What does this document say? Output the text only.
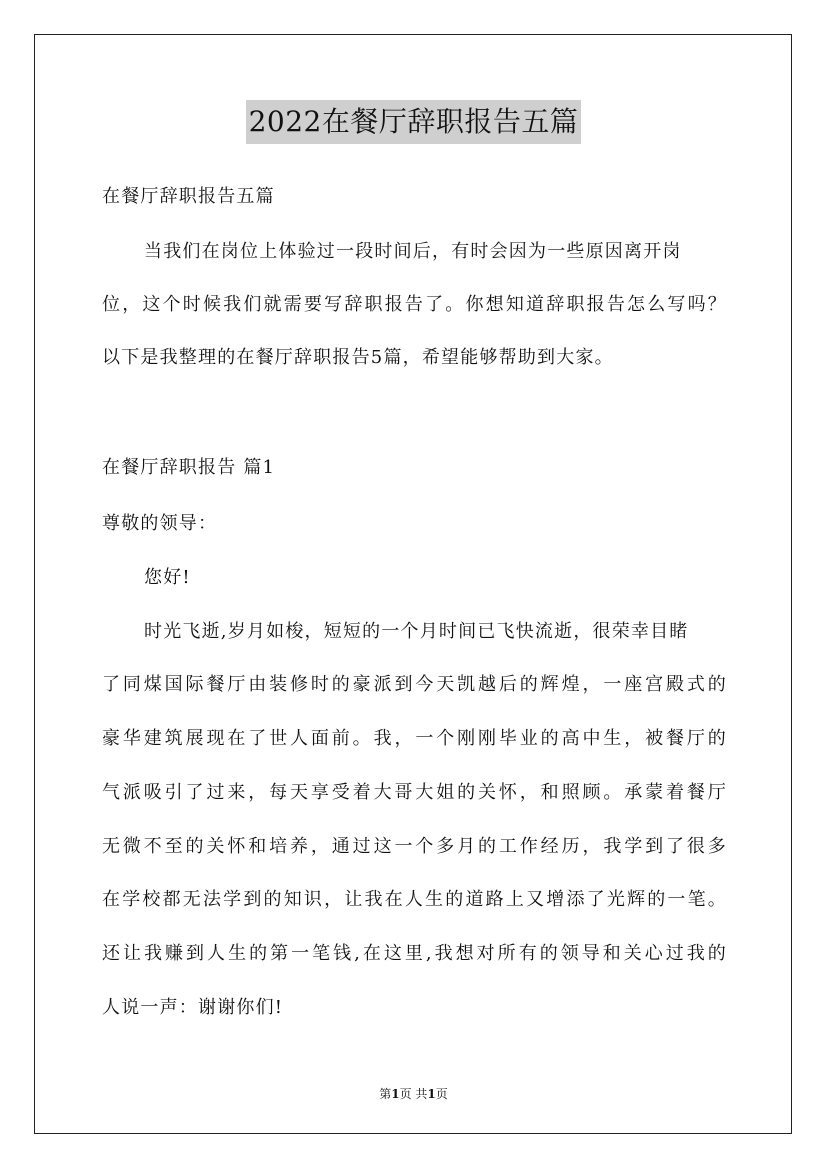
2022在餐厅辞职报告五篇
在餐厅辞职报告五篇
当我们在岗位上体验过一段时间后，有时会因为一些原因离开岗
位，这个时候我们就需要写辞职报告了。你想知道辞职报告怎么写吗？
以下是我整理的在餐厅辞职报告5篇，希望能够帮助到大家。
在餐厅辞职报告 篇1
尊敬的领导：
您好!
时光飞逝,岁月如梭，短短的一个月时间已飞快流逝，很荣幸目睹
了同煤国际餐厅由装修时的豪派到今天凯越后的辉煌，一座宫殿式的
豪华建筑展现在了世人面前。我，一个刚刚毕业的高中生，被餐厅的
气派吸引了过来，每天享受着大哥大姐的关怀，和照顾。承蒙着餐厅
无微不至的关怀和培养，通过这一个多月的工作经历，我学到了很多
在学校都无法学到的知识，让我在人生的道路上又增添了光辉的一笔。
还让我赚到人生的第一笔钱,在这里,我想对所有的领导和关心过我的
人说一声：谢谢你们!
第1页 共1页
